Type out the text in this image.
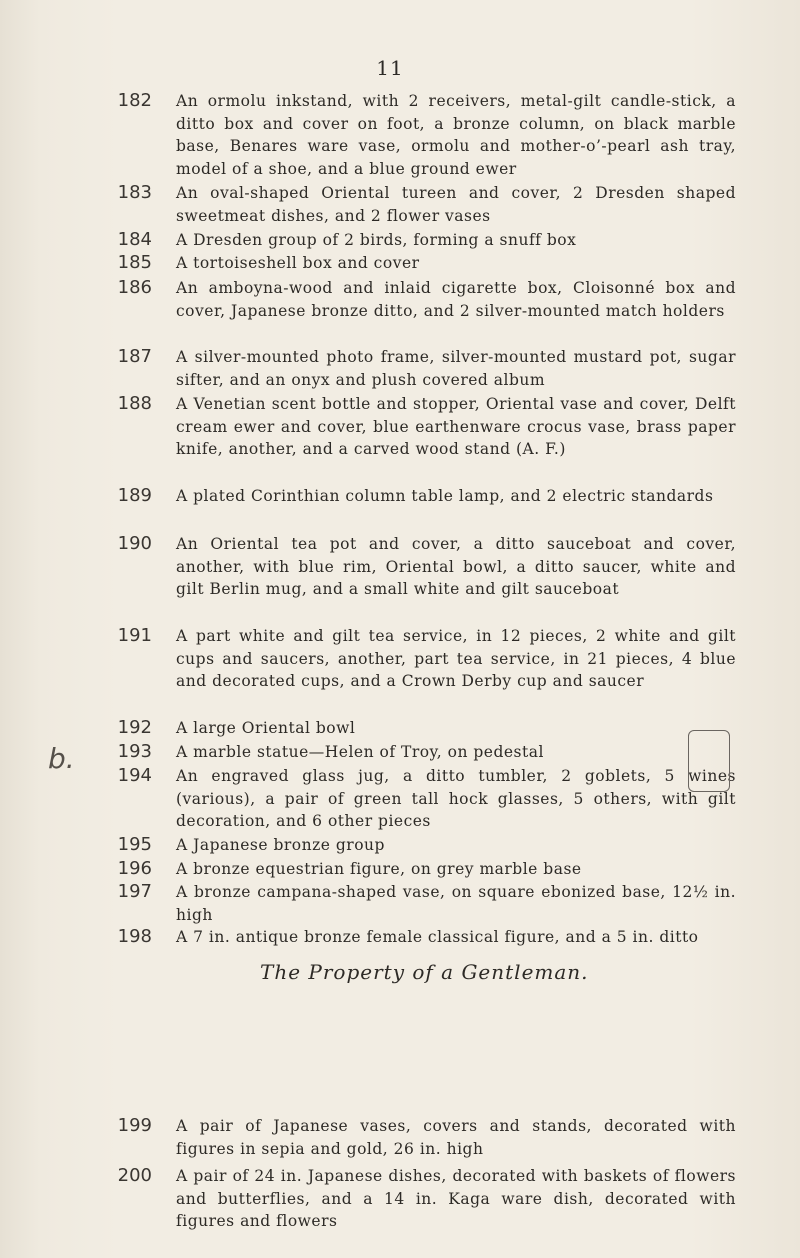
11
182 An ormolu inkstand, with 2 receivers, metal-gilt candle-stick, a ditto box and cover on foot, a bronze column, on black marble base, Benares ware vase, ormolu and mother-o’-pearl ash tray, model of a shoe, and a blue ground ewer
183 An oval-shaped Oriental tureen and cover, 2 Dresden shaped sweetmeat dishes, and 2 flower vases
184 A Dresden group of 2 birds, forming a snuff box
185 A tortoiseshell box and cover
186 An amboyna-wood and inlaid cigarette box, Cloisonné box and cover, Japanese bronze ditto, and 2 silver-mounted match holders
187 A silver-mounted photo frame, silver-mounted mustard pot, sugar sifter, and an onyx and plush covered album
188 A Venetian scent bottle and stopper, Oriental vase and cover, Delft cream ewer and cover, blue earthenware crocus vase, brass paper knife, another, and a carved wood stand (A. F.)
189 A plated Corinthian column table lamp, and 2 electric standards
190 An Oriental tea pot and cover, a ditto sauceboat and cover, another, with blue rim, Oriental bowl, a ditto saucer, white and gilt Berlin mug, and a small white and gilt sauceboat
191 A part white and gilt tea service, in 12 pieces, 2 white and gilt cups and saucers, another, part tea service, in 21 pieces, 4 blue and decorated cups, and a Crown Derby cup and saucer
192 A large Oriental bowl
193 A marble statue—Helen of Troy, on pedestal
194 An engraved glass jug, a ditto tumbler, 2 goblets, 5 wines (various), a pair of green tall hock glasses, 5 others, with gilt decoration, and 6 other pieces
195 A Japanese bronze group
196 A bronze equestrian figure, on grey marble base
197 A bronze campana-shaped vase, on square ebonized base, 12½ in. high
198 A 7 in. antique bronze female classical figure, and a 5 in. ditto
199 A pair of Japanese vases, covers and stands, decorated with figures in sepia and gold, 26 in. high
200 A pair of 24 in. Japanese dishes, decorated with baskets of flowers and butterflies, and a 14 in. Kaga ware dish, decorated with figures and flowers
The Property of a Gentleman.
b.
